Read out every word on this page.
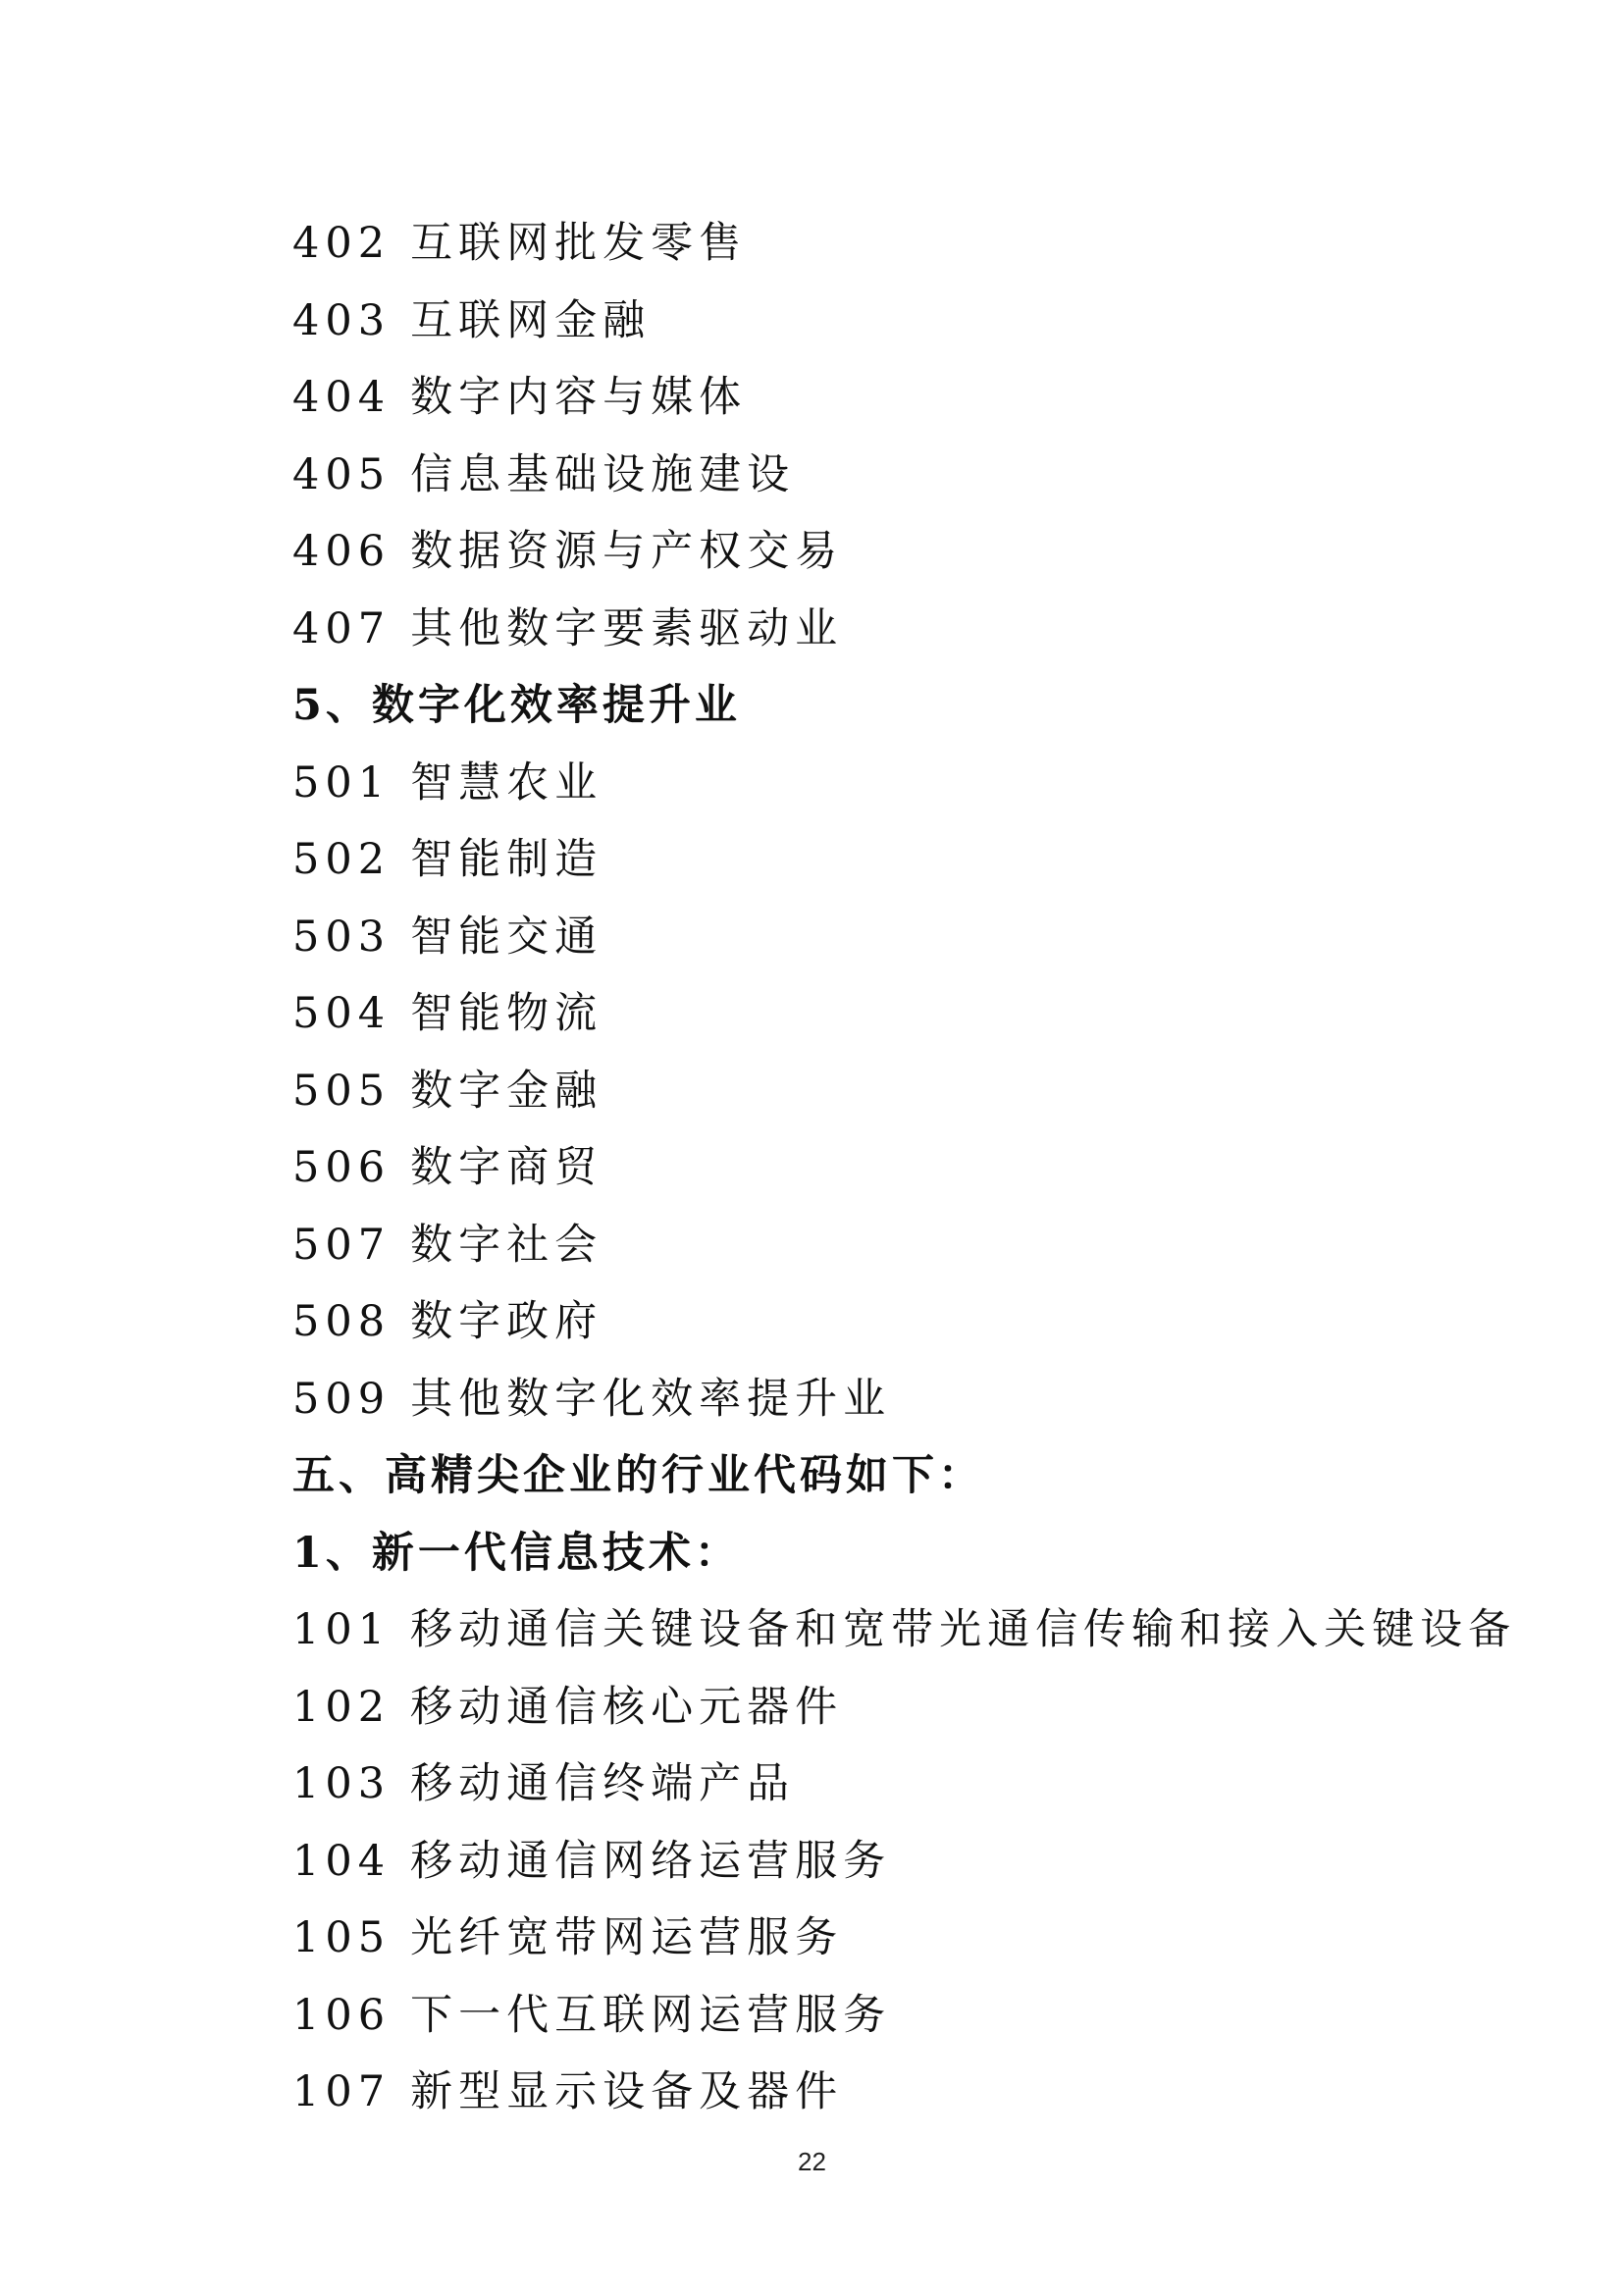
402 互联网批发零售
403 互联网金融
404 数字内容与媒体
405 信息基础设施建设
406 数据资源与产权交易
407 其他数字要素驱动业
5、数字化效率提升业
501 智慧农业
502 智能制造
503 智能交通
504 智能物流
505 数字金融
506 数字商贸
507 数字社会
508 数字政府
509 其他数字化效率提升业
五、高精尖企业的行业代码如下：
1、新一代信息技术：
101 移动通信关键设备和宽带光通信传输和接入关键设备
102 移动通信核心元器件
103 移动通信终端产品
104 移动通信网络运营服务
105 光纤宽带网运营服务
106 下一代互联网运营服务
107 新型显示设备及器件
22
